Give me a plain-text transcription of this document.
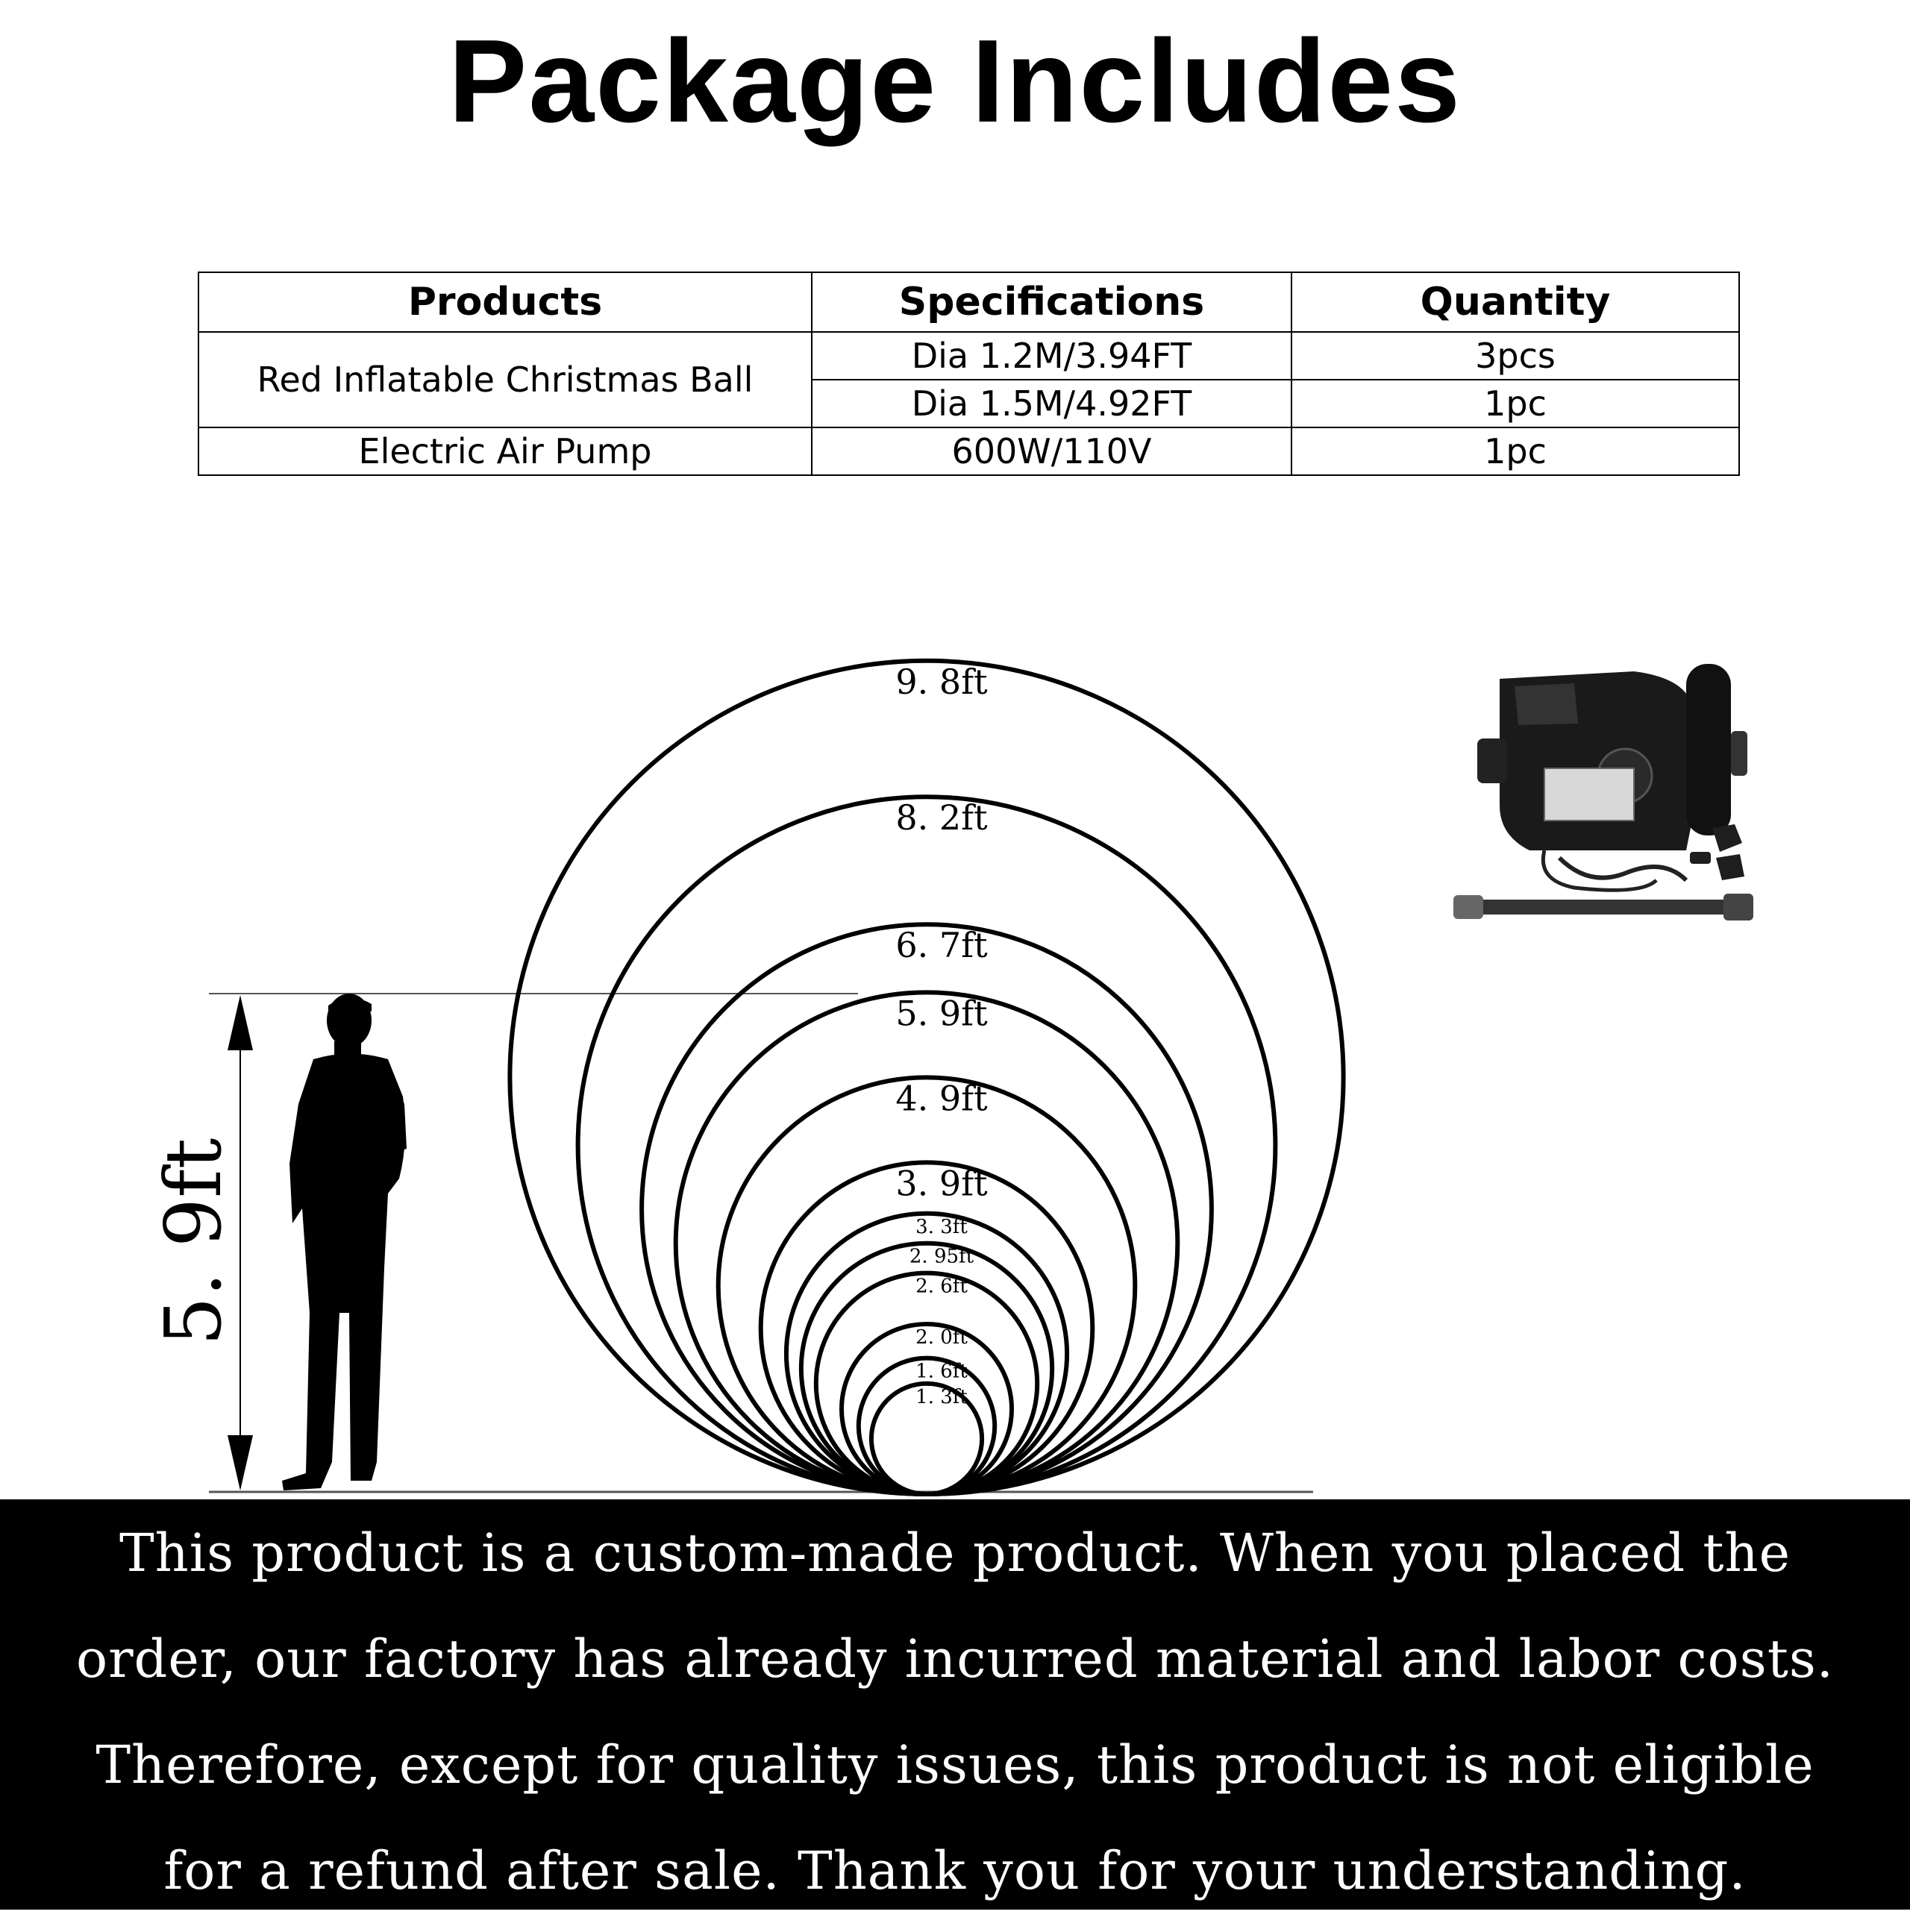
Package Includes
Products	Specifications	Quantity
Red Inflatable Christmas Ball	Dia 1.2M/3.94FT	3pcs
	Dia 1.5M/4.92FT	1pc
Electric Air Pump	600W/110V	1pc
5. 9ft
9. 8ft
8. 2ft
6. 7ft
5. 9ft
4. 9ft
3. 9ft
3. 3ft
2. 95ft
2. 6ft
2. 0ft
1. 6ft
1. 3ft
This product is a custom-made product. When you placed the
order, our factory has already incurred material and labor costs.
Therefore, except for quality issues, this product is not eligible
for a refund after sale. Thank you for your understanding.
